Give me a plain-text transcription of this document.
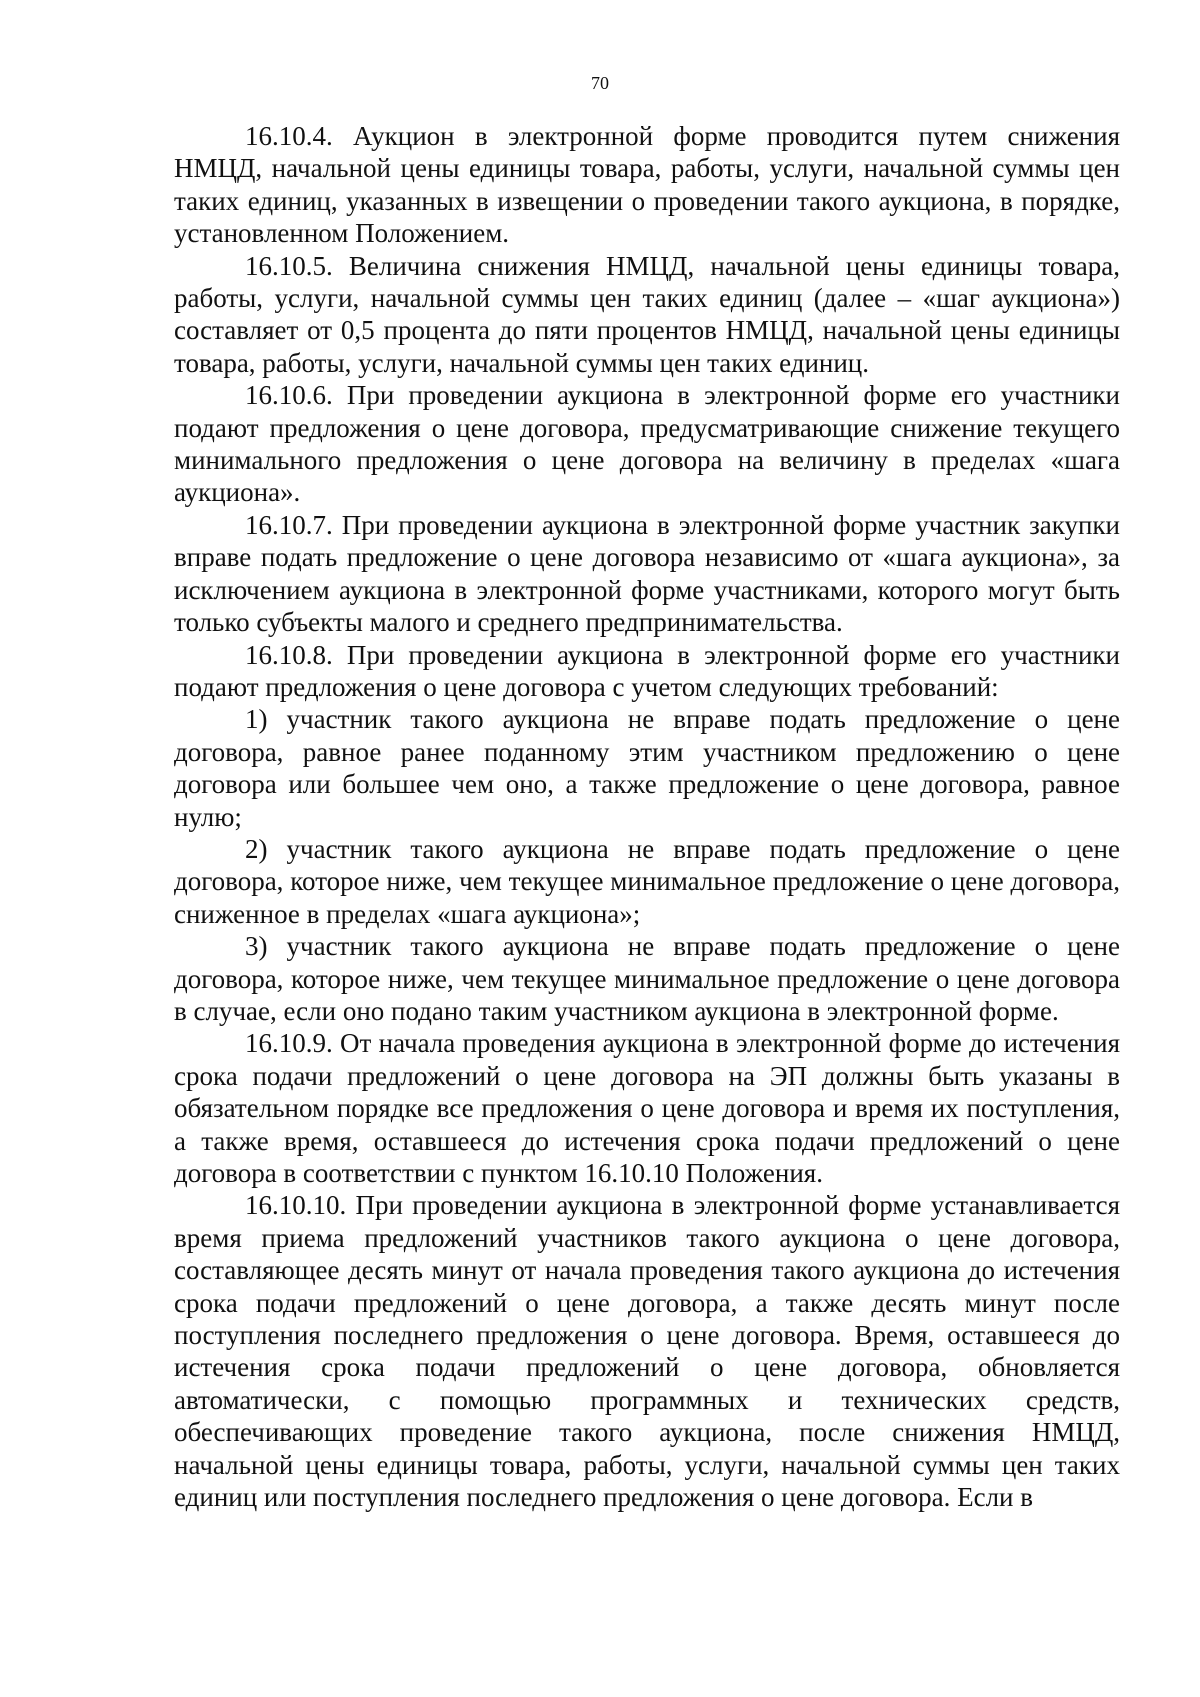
70

16.10.4. Аукцион в электронной форме проводится путем снижения НМЦД, начальной цены единицы товара, работы, услуги, начальной суммы цен таких единиц, указанных в извещении о проведении такого аукциона, в порядке, установленном Положением.

16.10.5. Величина снижения НМЦД, начальной цены единицы товара, работы, услуги, начальной суммы цен таких единиц (далее – «шаг аукциона») составляет от 0,5 процента до пяти процентов НМЦД, начальной цены единицы товара, работы, услуги, начальной суммы цен таких единиц.

16.10.6. При проведении аукциона в электронной форме его участники подают предложения о цене договора, предусматривающие снижение текущего минимального предложения о цене договора на величину в пределах «шага аукциона».

16.10.7. При проведении аукциона в электронной форме участник закупки вправе подать предложение о цене договора независимо от «шага аукциона», за исключением аукциона в электронной форме участниками, которого могут быть только субъекты малого и среднего предпринимательства.

16.10.8. При проведении аукциона в электронной форме его участники подают предложения о цене договора с учетом следующих требований:

1) участник такого аукциона не вправе подать предложение о цене договора, равное ранее поданному этим участником предложению о цене договора или большее чем оно, а также предложение о цене договора, равное нулю;

2) участник такого аукциона не вправе подать предложение о цене договора, которое ниже, чем текущее минимальное предложение о цене договора, сниженное в пределах «шага аукциона»;

3) участник такого аукциона не вправе подать предложение о цене договора, которое ниже, чем текущее минимальное предложение о цене договора в случае, если оно подано таким участником аукциона в электронной форме.

16.10.9. От начала проведения аукциона в электронной форме до истечения срока подачи предложений о цене договора на ЭП должны быть указаны в обязательном порядке все предложения о цене договора и время их поступления, а также время, оставшееся до истечения срока подачи предложений о цене договора в соответствии с пунктом 16.10.10 Положения.

16.10.10. При проведении аукциона в электронной форме устанавливается время приема предложений участников такого аукциона о цене договора, составляющее десять минут от начала проведения такого аукциона до истечения срока подачи предложений о цене договора, а также десять минут после поступления последнего предложения о цене договора. Время, оставшееся до истечения срока подачи предложений о цене договора, обновляется автоматически, с помощью программных и технических средств, обеспечивающих проведение такого аукциона, после снижения НМЦД, начальной цены единицы товара, работы, услуги, начальной суммы цен таких единиц или поступления последнего предложения о цене договора. Если в
